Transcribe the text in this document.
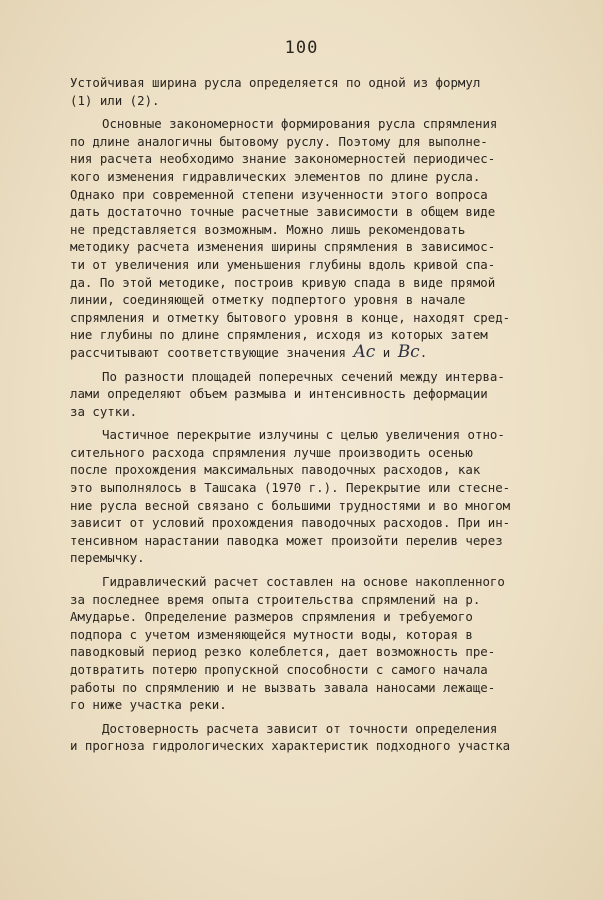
100
Устойчивая ширина русла определяется по одной из формул
(1) или (2).
Основные закономерности формирования русла спрямления
по длине аналогичны бытовому руслу. Поэтому для выполне-
ния расчета необходимо знание закономерностей периодичес-
кого изменения гидравлических элементов по длине русла.
Однако при современной степени изученности этого вопроса
дать достаточно точные расчетные зависимости в общем виде
не представляется возможным. Можно лишь рекомендовать
методику расчета изменения ширины спрямления в зависимос-
ти от увеличения или уменьшения глубины вдоль кривой спа-
да. По этой методике, построив кривую спада в виде прямой
линии, соединяющей отметку подпертого уровня в начале
спрямления и отметку бытового уровня в конце, находят сред-
ние глубины по длине спрямления, исходя из которых затем
рассчитывают соответствующие значения Ac и Bc.
По разности площадей поперечных сечений между интерва-
лами определяют объем размыва и интенсивность деформации
за сутки.
Частичное перекрытие излучины с целью увеличения отно-
сительного расхода спрямления лучше производить осенью
после прохождения максимальных паводочных расходов, как
это выполнялось в Ташсака (1970 г.). Перекрытие или стесне-
ние русла весной связано с большими трудностями и во многом
зависит от условий прохождения паводочных расходов. При ин-
тенсивном нарастании паводка может произойти перелив через
перемычку.
Гидравлический расчет составлен на основе накопленного
за последнее время опыта строительства спрямлений на р.
Амударье. Определение размеров спрямления и требуемого
подпора с учетом изменяющейся мутности воды, которая в
паводковый период резко колеблется, дает возможность пре-
дотвратить потерю пропускной способности с самого начала
работы по спрямлению и не вызвать завала наносами лежаще-
го ниже участка реки.
Достоверность расчета зависит от точности определения
и прогноза гидрологических характеристик подходного участка
